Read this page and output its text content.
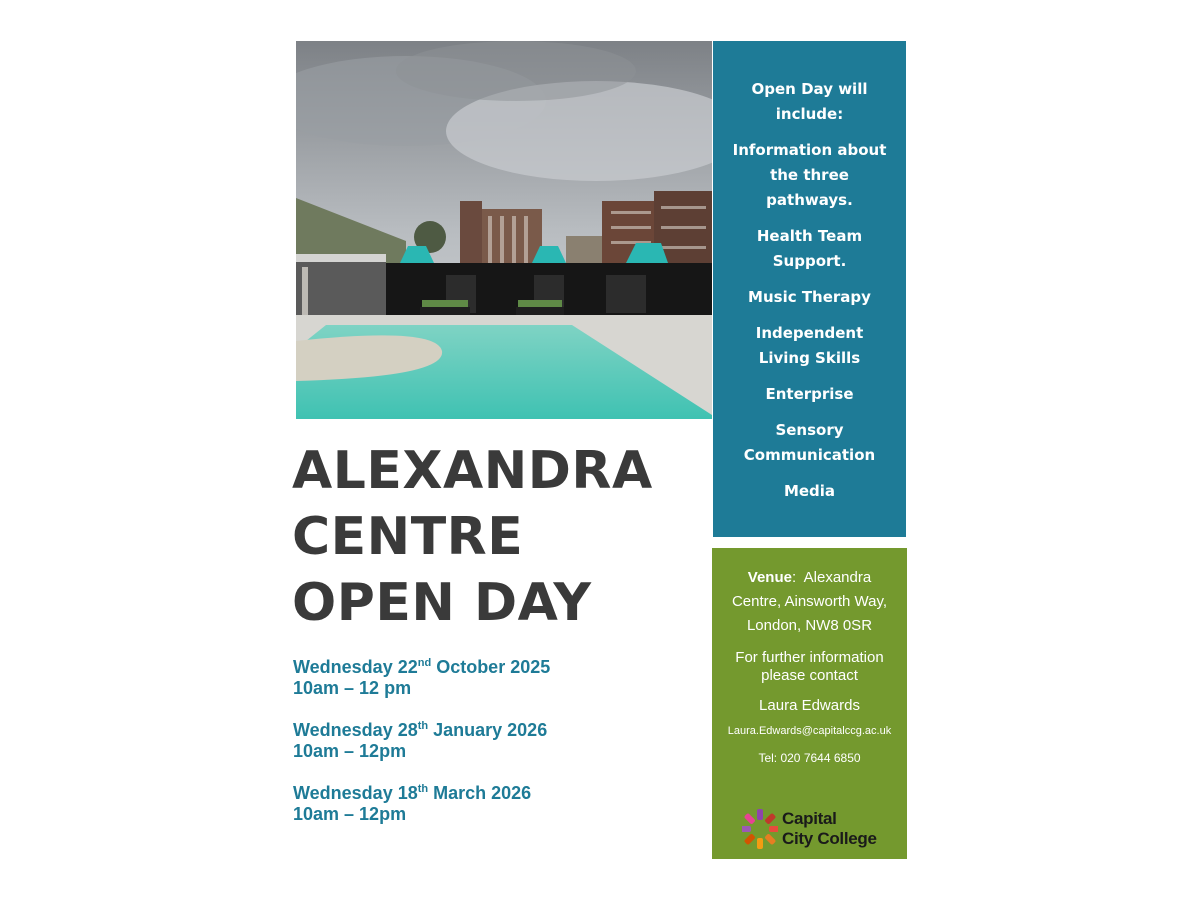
Open Day will
include:
Information about
the three
pathways.
Health Team
Support.
Music Therapy
Independent
Living Skills
Enterprise
Sensory
Communication
Media
ALEXANDRA
CENTRE
OPEN DAY
Wednesday 22nd October 2025
10am – 12 pm
Wednesday 28th January 2026
10am – 12pm
Wednesday 18th March 2026
10am – 12pm
Venue:  Alexandra
Centre, Ainsworth Way,
London, NW8 0SR
For further information
please contact
Laura Edwards
Laura.Edwards@capitalccg.ac.uk
Tel: 020 7644 6850
Capital
City College
